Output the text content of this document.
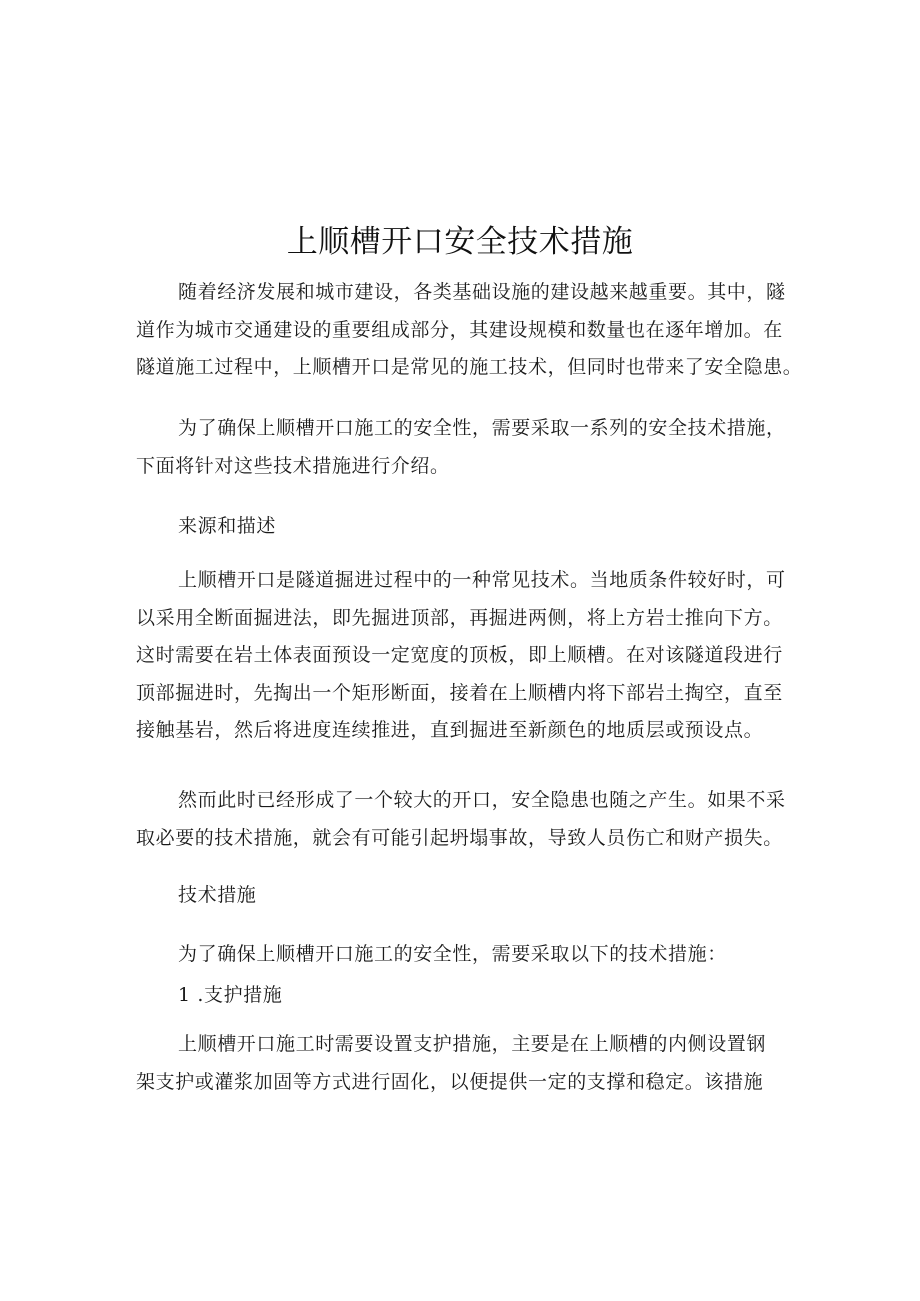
上顺槽开口安全技术措施

随着经济发展和城市建设，各类基础设施的建设越来越重要。其中，隧
道作为城市交通建设的重要组成部分，其建设规模和数量也在逐年增加。在
隧道施工过程中，上顺槽开口是常见的施工技术，但同时也带来了安全隐患。

为了确保上顺槽开口施工的安全性，需要采取一系列的安全技术措施，
下面将针对这些技术措施进行介绍。

来源和描述

上顺槽开口是隧道掘进过程中的一种常见技术。当地质条件较好时，可
以采用全断面掘进法，即先掘进顶部，再掘进两侧，将上方岩士推向下方。
这时需要在岩土体表面预设一定宽度的顶板，即上顺槽。在对该隧道段进行
顶部掘进时，先掏出一个矩形断面，接着在上顺槽内将下部岩土掏空，直至
接触基岩，然后将进度连续推进，直到掘进至新颜色的地质层或预设点。

然而此时已经形成了一个较大的开口，安全隐患也随之产生。如果不采
取必要的技术措施，就会有可能引起坍塌事故，导致人员伤亡和财产损失。

技术措施

为了确保上顺槽开口施工的安全性，需要采取以下的技术措施：

1 .支护措施

上顺槽开口施工时需要设置支护措施，主要是在上顺槽的内侧设置钢
架支护或灌浆加固等方式进行固化，以便提供一定的支撑和稳定。该措施
